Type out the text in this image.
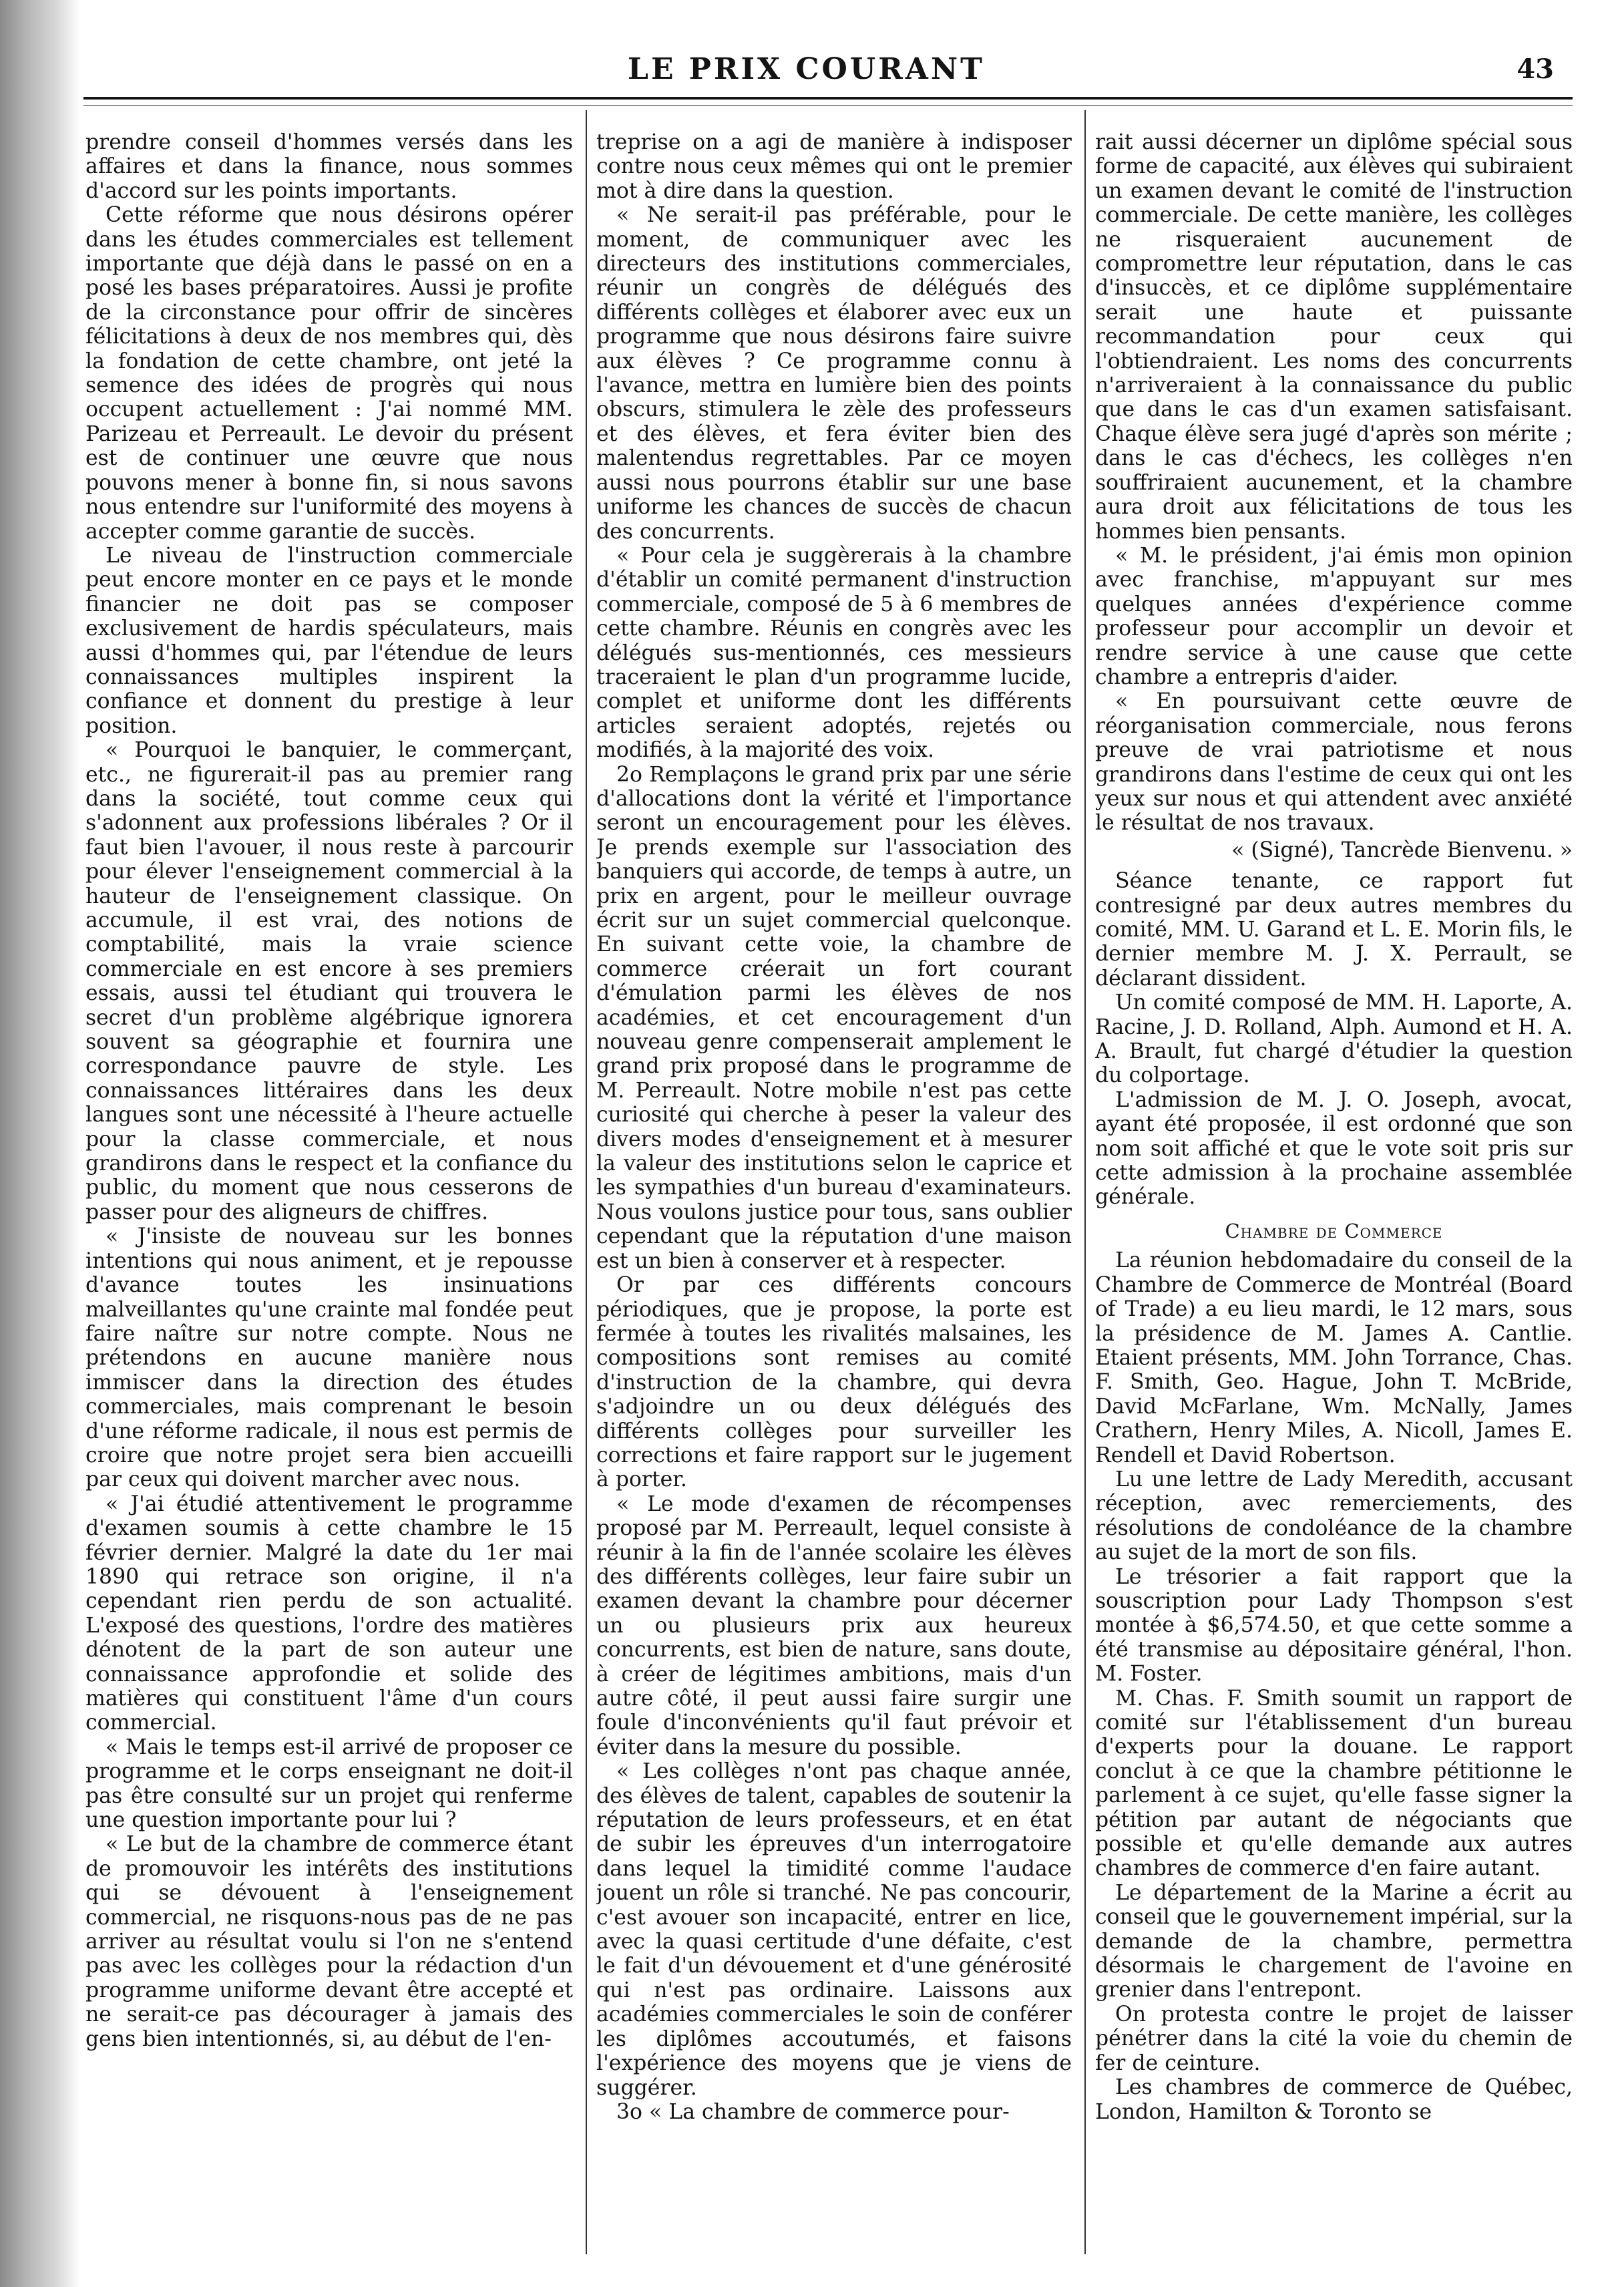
LE PRIX COURANT	43

prendre conseil d'hommes versés dans les affaires et dans la finance, nous sommes d'accord sur les points importants.

Cette réforme que nous désirons opérer dans les études commerciales est tellement importante que déjà dans le passé on en a posé les bases préparatoires. Aussi je profite de la circonstance pour offrir de sincères félicitations à deux de nos membres qui, dès la fondation de cette chambre, ont jeté la semence des idées de progrès qui nous occupent actuellement : J'ai nommé MM. Parizeau et Perreault. Le devoir du présent est de continuer une œuvre que nous pouvons mener à bonne fin, si nous savons nous entendre sur l'uniformité des moyens à accepter comme garantie de succès.

Le niveau de l'instruction commerciale peut encore monter en ce pays et le monde financier ne doit pas se composer exclusivement de hardis spéculateurs, mais aussi d'hommes qui, par l'étendue de leurs connaissances multiples inspirent la confiance et donnent du prestige à leur position.

« Pourquoi le banquier, le commerçant, etc., ne figurerait-il pas au premier rang dans la société, tout comme ceux qui s'adonnent aux professions libérales ? Or il faut bien l'avouer, il nous reste à parcourir pour élever l'enseignement commercial à la hauteur de l'enseignement classique. On accumule, il est vrai, des notions de comptabilité, mais la vraie science commerciale en est encore à ses premiers essais, aussi tel étudiant qui trouvera le secret d'un problème algébrique ignorera souvent sa géographie et fournira une correspondance pauvre de style. Les connaissances littéraires dans les deux langues sont une nécessité à l'heure actuelle pour la classe commerciale, et nous grandirons dans le respect et la confiance du public, du moment que nous cesserons de passer pour des aligneurs de chiffres.

« J'insiste de nouveau sur les bonnes intentions qui nous animent, et je repousse d'avance toutes les insinuations malveillantes qu'une crainte mal fondée peut faire naître sur notre compte. Nous ne prétendons en aucune manière nous immiscer dans la direction des études commerciales, mais comprenant le besoin d'une réforme radicale, il nous est permis de croire que notre projet sera bien accueilli par ceux qui doivent marcher avec nous.

« J'ai étudié attentivement le programme d'examen soumis à cette chambre le 15 février dernier. Malgré la date du 1er mai 1890 qui retrace son origine, il n'a cependant rien perdu de son actualité. L'exposé des questions, l'ordre des matières dénotent de la part de son auteur une connaissance approfondie et solide des matières qui constituent l'âme d'un cours commercial.

« Mais le temps est-il arrivé de proposer ce programme et le corps enseignant ne doit-il pas être consulté sur un projet qui renferme une question importante pour lui ?

« Le but de la chambre de commerce étant de promouvoir les intérêts des institutions qui se dévouent à l'enseignement commercial, ne risquons-nous pas de ne pas arriver au résultat voulu si l'on ne s'entend pas avec les collèges pour la rédaction d'un programme uniforme devant être accepté et ne serait-ce pas décourager à jamais des gens bien intentionnés, si, au début de l'en-

treprise on a agi de manière à indisposer contre nous ceux mêmes qui ont le premier mot à dire dans la question.

« Ne serait-il pas préférable, pour le moment, de communiquer avec les directeurs des institutions commerciales, réunir un congrès de délégués des différents collèges et élaborer avec eux un programme que nous désirons faire suivre aux élèves ? Ce programme connu à l'avance, mettra en lumière bien des points obscurs, stimulera le zèle des professeurs et des élèves, et fera éviter bien des malentendus regrettables. Par ce moyen aussi nous pourrons établir sur une base uniforme les chances de succès de chacun des concurrents.

« Pour cela je suggèrerais à la chambre d'établir un comité permanent d'instruction commerciale, composé de 5 à 6 membres de cette chambre. Réunis en congrès avec les délégués sus-mentionnés, ces messieurs traceraient le plan d'un programme lucide, complet et uniforme dont les différents articles seraient adoptés, rejetés ou modifiés, à la majorité des voix.

2o Remplaçons le grand prix par une série d'allocations dont la vérité et l'importance seront un encouragement pour les élèves. Je prends exemple sur l'association des banquiers qui accorde, de temps à autre, un prix en argent, pour le meilleur ouvrage écrit sur un sujet commercial quelconque. En suivant cette voie, la chambre de commerce créerait un fort courant d'émulation parmi les élèves de nos académies, et cet encouragement d'un nouveau genre compenserait amplement le grand prix proposé dans le programme de M. Perreault. Notre mobile n'est pas cette curiosité qui cherche à peser la valeur des divers modes d'enseignement et à mesurer la valeur des institutions selon le caprice et les sympathies d'un bureau d'examinateurs. Nous voulons justice pour tous, sans oublier cependant que la réputation d'une maison est un bien à conserver et à respecter.

Or par ces différents concours périodiques, que je propose, la porte est fermée à toutes les rivalités malsaines, les compositions sont remises au comité d'instruction de la chambre, qui devra s'adjoindre un ou deux délégués des différents collèges pour surveiller les corrections et faire rapport sur le jugement à porter.

« Le mode d'examen de récompenses proposé par M. Perreault, lequel consiste à réunir à la fin de l'année scolaire les élèves des différents collèges, leur faire subir un examen devant la chambre pour décerner un ou plusieurs prix aux heureux concurrents, est bien de nature, sans doute, à créer de légitimes ambitions, mais d'un autre côté, il peut aussi faire surgir une foule d'inconvénients qu'il faut prévoir et éviter dans la mesure du possible.

« Les collèges n'ont pas chaque année, des élèves de talent, capables de soutenir la réputation de leurs professeurs, et en état de subir les épreuves d'un interrogatoire dans lequel la timidité comme l'audace jouent un rôle si tranché. Ne pas concourir, c'est avouer son incapacité, entrer en lice, avec la quasi certitude d'une défaite, c'est le fait d'un dévouement et d'une générosité qui n'est pas ordinaire. Laissons aux académies commerciales le soin de conférer les diplômes accoutumés, et faisons l'expérience des moyens que je viens de suggérer.

3o « La chambre de commerce pour-

rait aussi décerner un diplôme spécial sous forme de capacité, aux élèves qui subiraient un examen devant le comité de l'instruction commerciale. De cette manière, les collèges ne risqueraient aucunement de compromettre leur réputation, dans le cas d'insuccès, et ce diplôme supplémentaire serait une haute et puissante recommandation pour ceux qui l'obtiendraient. Les noms des concurrents n'arriveraient à la connaissance du public que dans le cas d'un examen satisfaisant. Chaque élève sera jugé d'après son mérite ; dans le cas d'échecs, les collèges n'en souffriraient aucunement, et la chambre aura droit aux félicitations de tous les hommes bien pensants.

« M. le président, j'ai émis mon opinion avec franchise, m'appuyant sur mes quelques années d'expérience comme professeur pour accomplir un devoir et rendre service à une cause que cette chambre a entrepris d'aider.

« En poursuivant cette œuvre de réorganisation commerciale, nous ferons preuve de vrai patriotisme et nous grandirons dans l'estime de ceux qui ont les yeux sur nous et qui attendent avec anxiété le résultat de nos travaux.

« (Signé), Tancrède Bienvenu. »

Séance tenante, ce rapport fut contresigné par deux autres membres du comité, MM. U. Garand et L. E. Morin fils, le dernier membre M. J. X. Perrault, se déclarant dissident.

Un comité composé de MM. H. Laporte, A. Racine, J. D. Rolland, Alph. Aumond et H. A. A. Brault, fut chargé d'étudier la question du colportage.

L'admission de M. J. O. Joseph, avocat, ayant été proposée, il est ordonné que son nom soit affiché et que le vote soit pris sur cette admission à la prochaine assemblée générale.

Chambre de Commerce

La réunion hebdomadaire du conseil de la Chambre de Commerce de Montréal (Board of Trade) a eu lieu mardi, le 12 mars, sous la présidence de M. James A. Cantlie. Etaient présents, MM. John Torrance, Chas. F. Smith, Geo. Hague, John T. McBride, David McFarlane, Wm. McNally, James Crathern, Henry Miles, A. Nicoll, James E. Rendell et David Robertson.

Lu une lettre de Lady Meredith, accusant réception, avec remerciements, des résolutions de condoléance de la chambre au sujet de la mort de son fils.

Le trésorier a fait rapport que la souscription pour Lady Thompson s'est montée à $6,574.50, et que cette somme a été transmise au dépositaire général, l'hon. M. Foster.

M. Chas. F. Smith soumit un rapport de comité sur l'établissement d'un bureau d'experts pour la douane. Le rapport conclut à ce que la chambre pétitionne le parlement à ce sujet, qu'elle fasse signer la pétition par autant de négociants que possible et qu'elle demande aux autres chambres de commerce d'en faire autant.

Le département de la Marine a écrit au conseil que le gouvernement impérial, sur la demande de la chambre, permettra désormais le chargement de l'avoine en grenier dans l'entrepont.

On protesta contre le projet de laisser pénétrer dans la cité la voie du chemin de fer de ceinture.

Les chambres de commerce de Québec, London, Hamilton & Toronto se
